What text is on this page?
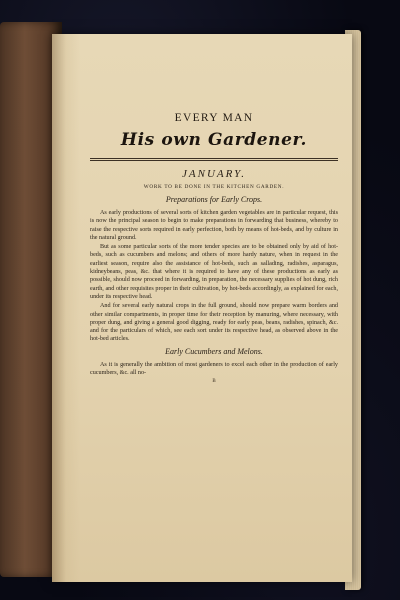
EVERY MAN
His own Gardener.
JANUARY.
WORK TO BE DONE IN THE KITCHEN GARDEN.
Preparations for Early Crops.

As early productions of several sorts of kitchen garden vegetables are in particular request, this is now the principal season to begin to make preparations in forwarding that business, whereby to raise the respective sorts required in early perfection, both by means of hot-beds, and by culture in the natural ground.

But as some particular sorts of the more tender species are to be obtained only by aid of hot-beds, such as cucumbers and melons; and others of more hardy nature, when in request in the earliest season, require also the assistance of hot-beds, such as sallading, radishes, asparagus, kidneybeans, peas, &c. that where it is required to have any of these productions as early as possible, should now proceed in forwarding, in preparation, the necessary supplies of hot dung, rich earth, and other requisites proper in their cultivation, by hot-beds accordingly, as explained for each, under its respective head.

And for several early natural crops in the full ground, should now prepare warm borders and other similar compartments, in proper time for their reception by manuring, where necessary, with proper dung, and giving a general good digging, ready for early peas, beans, radishes, spinach, &c. and for the particulars of which, see each sort under its respective head, as observed above in the hot-bed articles.

Early Cucumbers and Melons.

As it is generally the ambition of most gardeners to excel each other in the production of early cucumbers, &c. all no-

B
